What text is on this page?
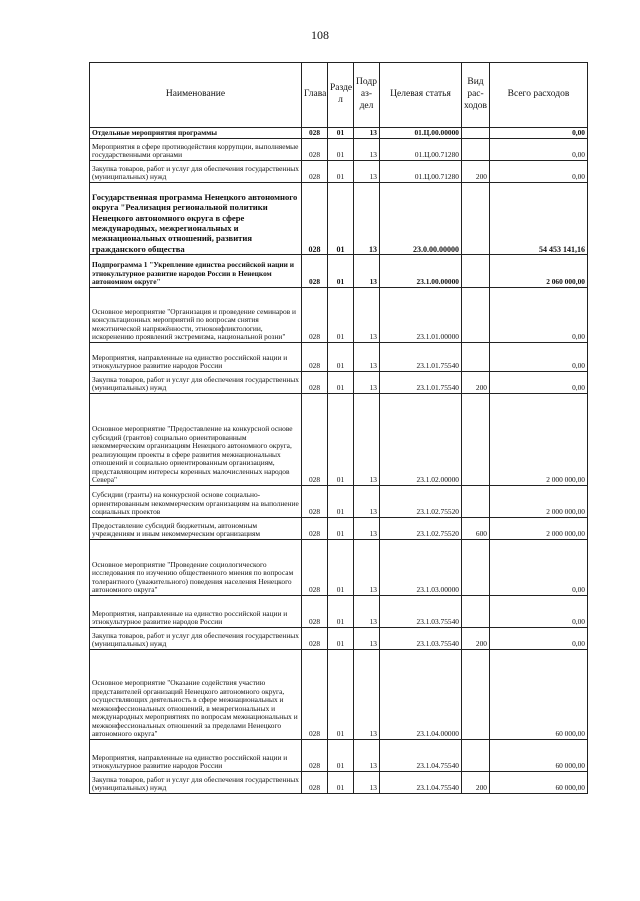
108
Наименование	Глава	Разде л	Подр аз- дел	Целевая статья	Вид рас- ходов	Всего расходов
Отдельные мероприятия программы	028	01	13	01.Ц.00.00000		0,00
Мероприятия в сфере противодействия коррупции, выполняемые государственными органами	028	01	13	01.Ц.00.71280		0,00
Закупка товаров, работ и услуг для обеспечения государственных (муниципальных) нужд	028	01	13	01.Ц.00.71280	200	0,00
Государственная программа Ненецкого автономного округа "Реализация региональной политики Ненецкого автономного округа в сфере международных, межрегиональных и межнациональных отношений, развития гражданского общества	028	01	13	23.0.00.00000		54 453 141,16
Подпрограмма 1 "Укрепление единства российской нации и этнокультурное развитие народов России в Ненецком автономном округе"	028	01	13	23.1.00.00000		2 060 000,00
Основное мероприятие "Организация и проведение семинаров и консультационных мероприятий по вопросам снятия межэтнической напряжённости, этноконфликтологии, искоренению проявлений экстремизма, национальной розни"	028	01	13	23.1.01.00000		0,00
Мероприятия, направленные на единство российской нации и этнокультурное развитие народов России	028	01	13	23.1.01.75540		0,00
Закупка товаров, работ и услуг для обеспечения государственных (муниципальных) нужд	028	01	13	23.1.01.75540	200	0,00
Основное мероприятие "Предоставление на конкурсной основе субсидий (грантов) социально ориентированным некоммерческим организациям Ненецкого автономного округа, реализующим проекты в сфере развития межнациональных отношений и социально ориентированным организациям, представляющим интересы коренных малочисленных народов Севера"	028	01	13	23.1.02.00000		2 000 000,00
Субсидии (гранты) на конкурсной основе социально-ориентированным некоммерческим организациям на выполнение социальных проектов	028	01	13	23.1.02.75520		2 000 000,00
Предоставление субсидий бюджетным, автономным учреждениям и иным некоммерческим организациям	028	01	13	23.1.02.75520	600	2 000 000,00
Основное мероприятие "Проведение социологического исследования по изучению общественного мнения по вопросам толерантного (уважительного) поведения населения Ненецкого автономного округа"	028	01	13	23.1.03.00000		0,00
Мероприятия, направленные на единство российской нации и этнокультурное развитие народов России	028	01	13	23.1.03.75540		0,00
Закупка товаров, работ и услуг для обеспечения государственных (муниципальных) нужд	028	01	13	23.1.03.75540	200	0,00
Основное мероприятие "Оказание содействия участию представителей организаций Ненецкого автономного округа, осуществляющих деятельность в сфере межнациональных и межконфессиональных отношений, в межрегиональных и международных мероприятиях по вопросам межнациональных и межконфессиональных отношений за пределами Ненецкого автономного округа"	028	01	13	23.1.04.00000		60 000,00
Мероприятия, направленные на единство российской нации и этнокультурное развитие народов России	028	01	13	23.1.04.75540		60 000,00
Закупка товаров, работ и услуг для обеспечения государственных (муниципальных) нужд	028	01	13	23.1.04.75540	200	60 000,00
